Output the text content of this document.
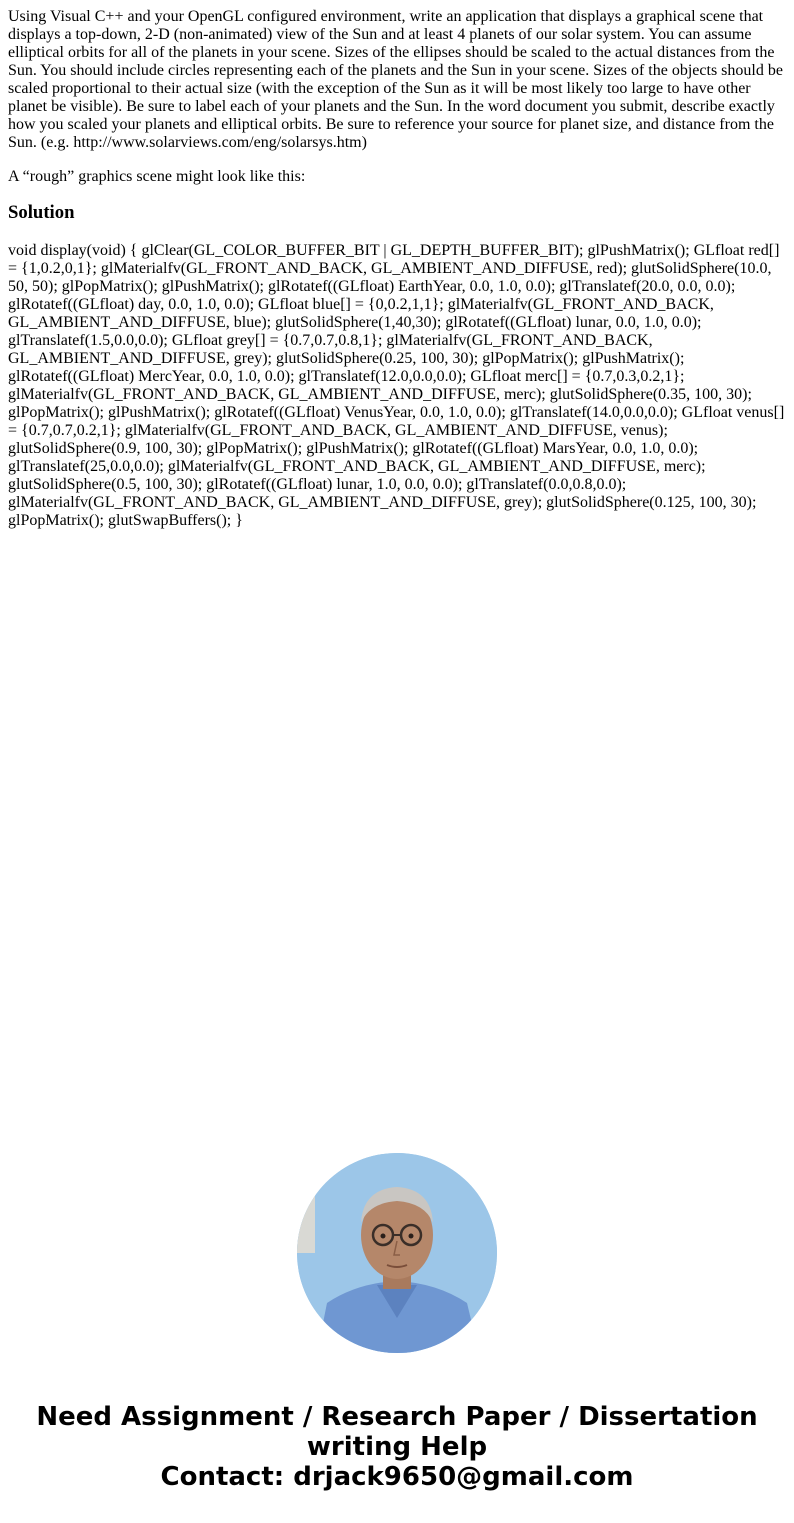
Using Visual C++ and your OpenGL configured environment, write an application that displays a graphical scene that displays a top-down, 2-D (non-animated) view of the Sun and at least 4 planets of our solar system. You can assume elliptical orbits for all of the planets in your scene. Sizes of the ellipses should be scaled to the actual distances from the Sun. You should include circles representing each of the planets and the Sun in your scene. Sizes of the objects should be scaled proportional to their actual size (with the exception of the Sun as it will be most likely too large to have other planet be visible). Be sure to label each of your planets and the Sun. In the word document you submit, describe exactly how you scaled your planets and elliptical orbits. Be sure to reference your source for planet size, and distance from the Sun. (e.g. http://www.solarviews.com/eng/solarsys.htm)

A “rough” graphics scene might look like this:

Solution

void display(void) { glClear(GL_COLOR_BUFFER_BIT | GL_DEPTH_BUFFER_BIT); glPushMatrix(); GLfloat red[] = {1,0.2,0,1}; glMaterialfv(GL_FRONT_AND_BACK, GL_AMBIENT_AND_DIFFUSE, red); glutSolidSphere(10.0, 50, 50); glPopMatrix(); glPushMatrix(); glRotatef((GLfloat) EarthYear, 0.0, 1.0, 0.0); glTranslatef(20.0, 0.0, 0.0); glRotatef((GLfloat) day, 0.0, 1.0, 0.0); GLfloat blue[] = {0,0.2,1,1}; glMaterialfv(GL_FRONT_AND_BACK, GL_AMBIENT_AND_DIFFUSE, blue); glutSolidSphere(1,40,30); glRotatef((GLfloat) lunar, 0.0, 1.0, 0.0); glTranslatef(1.5,0.0,0.0); GLfloat grey[] = {0.7,0.7,0.8,1}; glMaterialfv(GL_FRONT_AND_BACK, GL_AMBIENT_AND_DIFFUSE, grey); glutSolidSphere(0.25, 100, 30); glPopMatrix(); glPushMatrix(); glRotatef((GLfloat) MercYear, 0.0, 1.0, 0.0); glTranslatef(12.0,0.0,0.0); GLfloat merc[] = {0.7,0.3,0.2,1}; glMaterialfv(GL_FRONT_AND_BACK, GL_AMBIENT_AND_DIFFUSE, merc); glutSolidSphere(0.35, 100, 30); glPopMatrix(); glPushMatrix(); glRotatef((GLfloat) VenusYear, 0.0, 1.0, 0.0); glTranslatef(14.0,0.0,0.0); GLfloat venus[] = {0.7,0.7,0.2,1}; glMaterialfv(GL_FRONT_AND_BACK, GL_AMBIENT_AND_DIFFUSE, venus); glutSolidSphere(0.9, 100, 30); glPopMatrix(); glPushMatrix(); glRotatef((GLfloat) MarsYear, 0.0, 1.0, 0.0); glTranslatef(25,0.0,0.0); glMaterialfv(GL_FRONT_AND_BACK, GL_AMBIENT_AND_DIFFUSE, merc); glutSolidSphere(0.5, 100, 30); glRotatef((GLfloat) lunar, 1.0, 0.0, 0.0); glTranslatef(0.0,0.8,0.0); glMaterialfv(GL_FRONT_AND_BACK, GL_AMBIENT_AND_DIFFUSE, grey); glutSolidSphere(0.125, 100, 30); glPopMatrix(); glutSwapBuffers(); }

Need Assignment / Research Paper / Dissertation
writing Help
Contact: drjack9650@gmail.com
